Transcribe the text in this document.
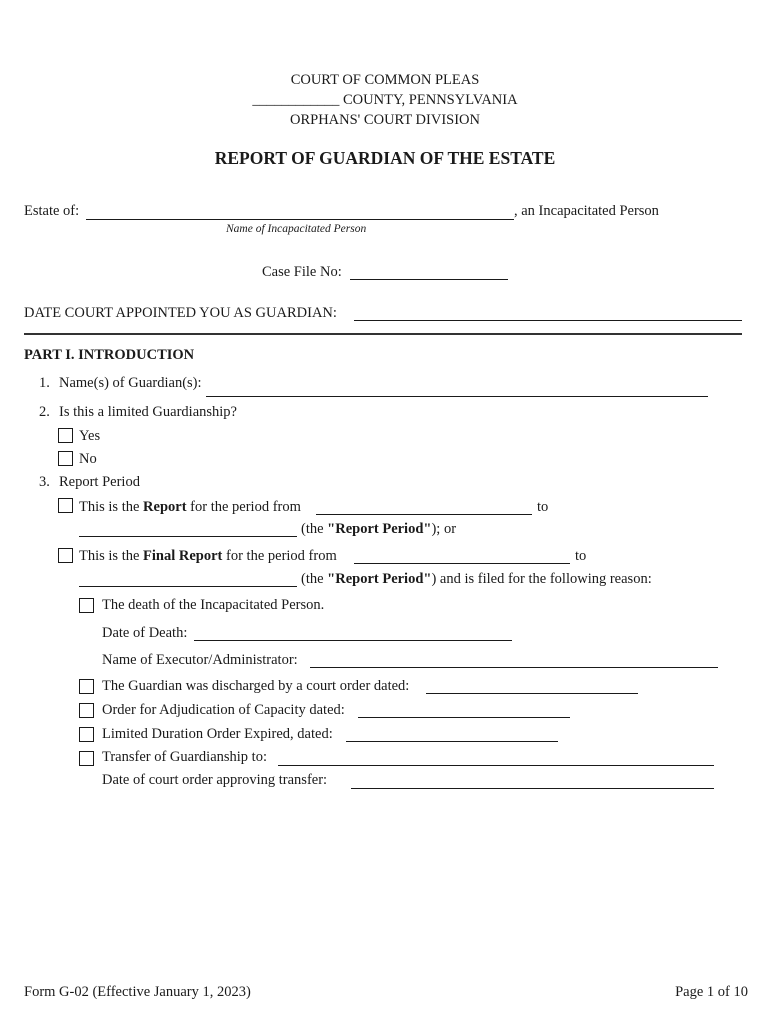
COURT OF COMMON PLEAS
____________ COUNTY, PENNSYLVANIA
ORPHANS' COURT DIVISION
REPORT OF GUARDIAN OF THE ESTATE
Estate of:	, an Incapacitated Person
Name of Incapacitated Person
Case File No:
DATE COURT APPOINTED YOU AS GUARDIAN:
PART I. INTRODUCTION
1. Name(s) of Guardian(s):
2. Is this a limited Guardianship?
Yes
No
3. Report Period
This is the Report for the period from	to
(the "Report Period"); or
This is the Final Report for the period from	to
(the "Report Period") and is filed for the following reason:
The death of the Incapacitated Person.
Date of Death:
Name of Executor/Administrator:
The Guardian was discharged by a court order dated:
Order for Adjudication of Capacity dated:
Limited Duration Order Expired, dated:
Transfer of Guardianship to:
Date of court order approving transfer:
Form G-02 (Effective January 1, 2023)	Page 1 of 10
